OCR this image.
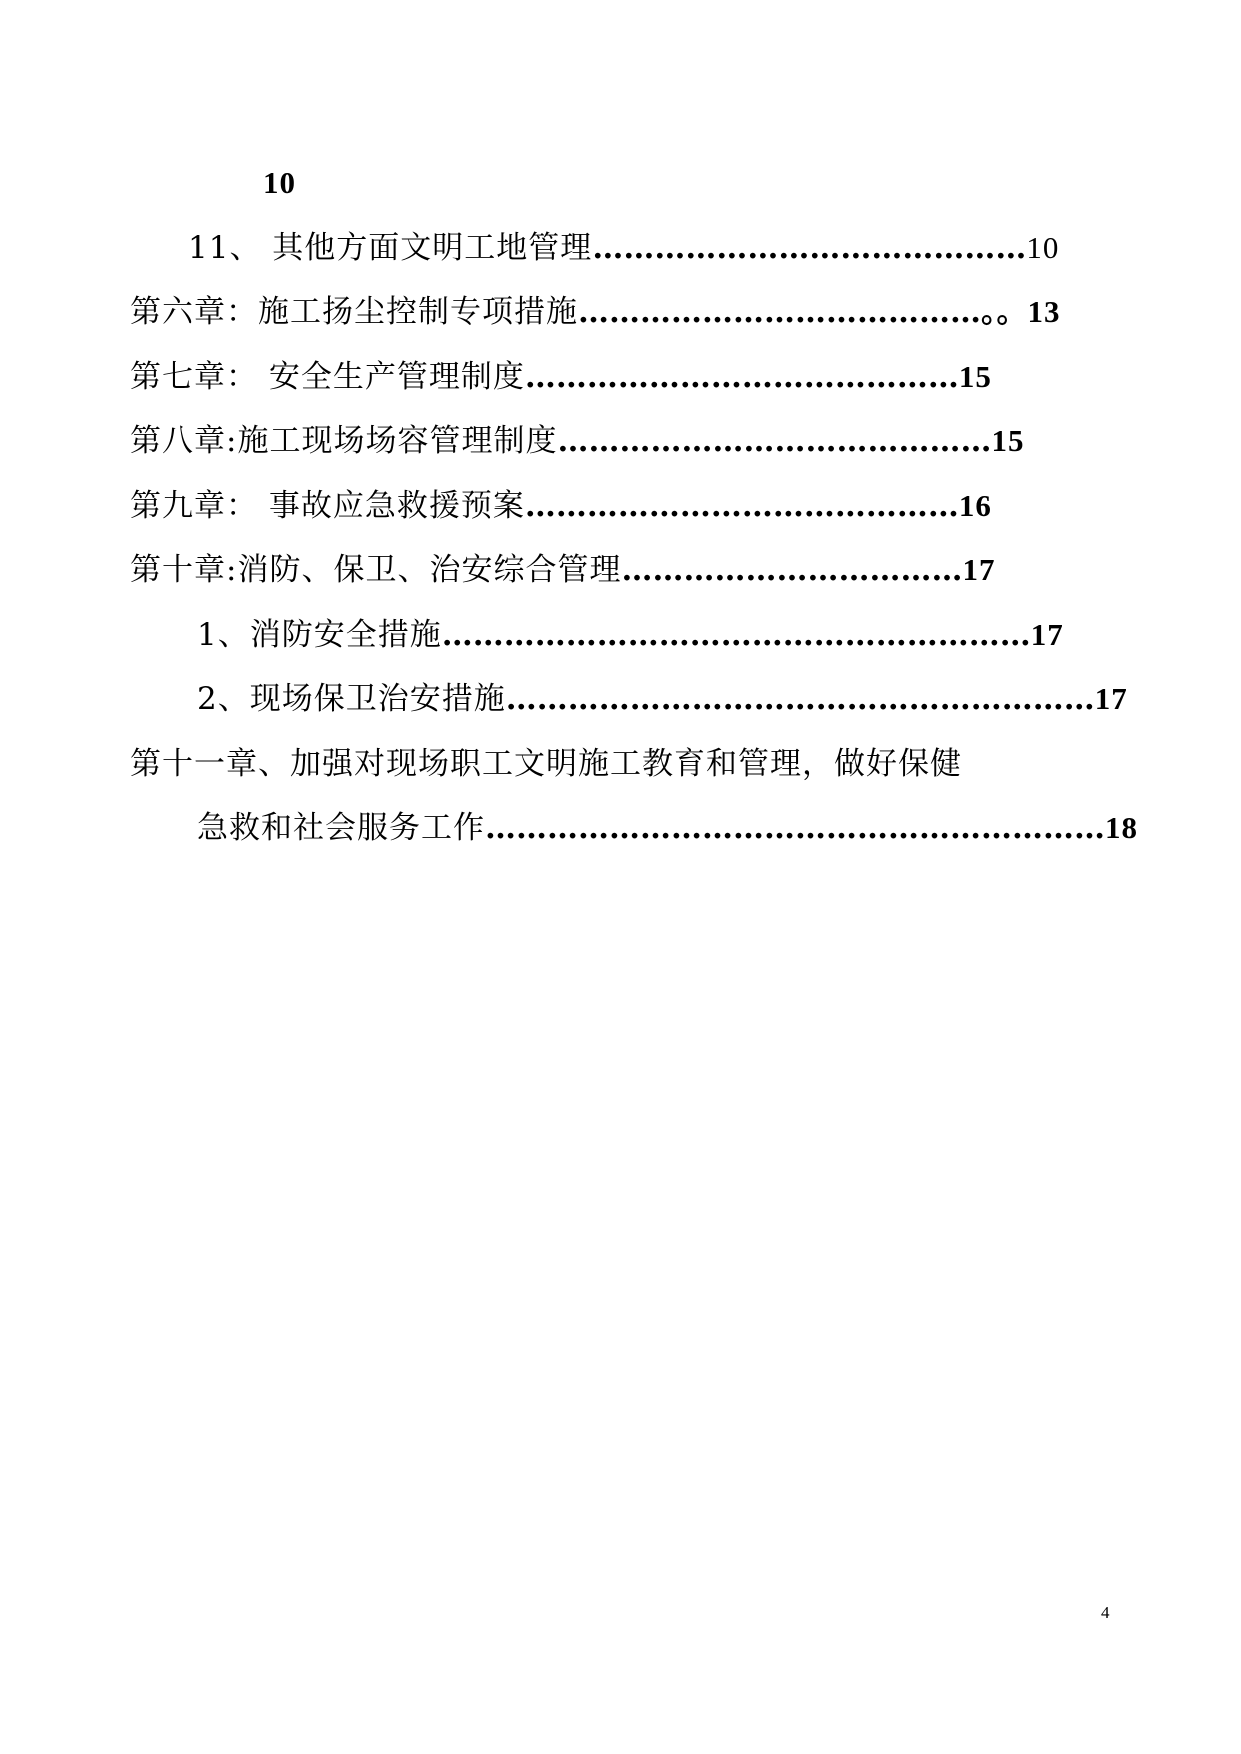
10
11、 其他方面文明工地管理……………………………………10
第六章：施工扬尘控制专项措施…………………………………。。13
第七章： 安全生产管理制度……………………………………15
第八章:施工现场场容管理制度……………………………………15
第九章： 事故应急救援预案……………………………………16
第十章:消防、保卫、治安综合管理……………………………17
1、消防安全措施…………………………………………………17
2、现场保卫治安措施…………………………………………………17
第十一章、加强对现场职工文明施工教育和管理，做好保健
急救和社会服务工作……………………………………………………18
4
